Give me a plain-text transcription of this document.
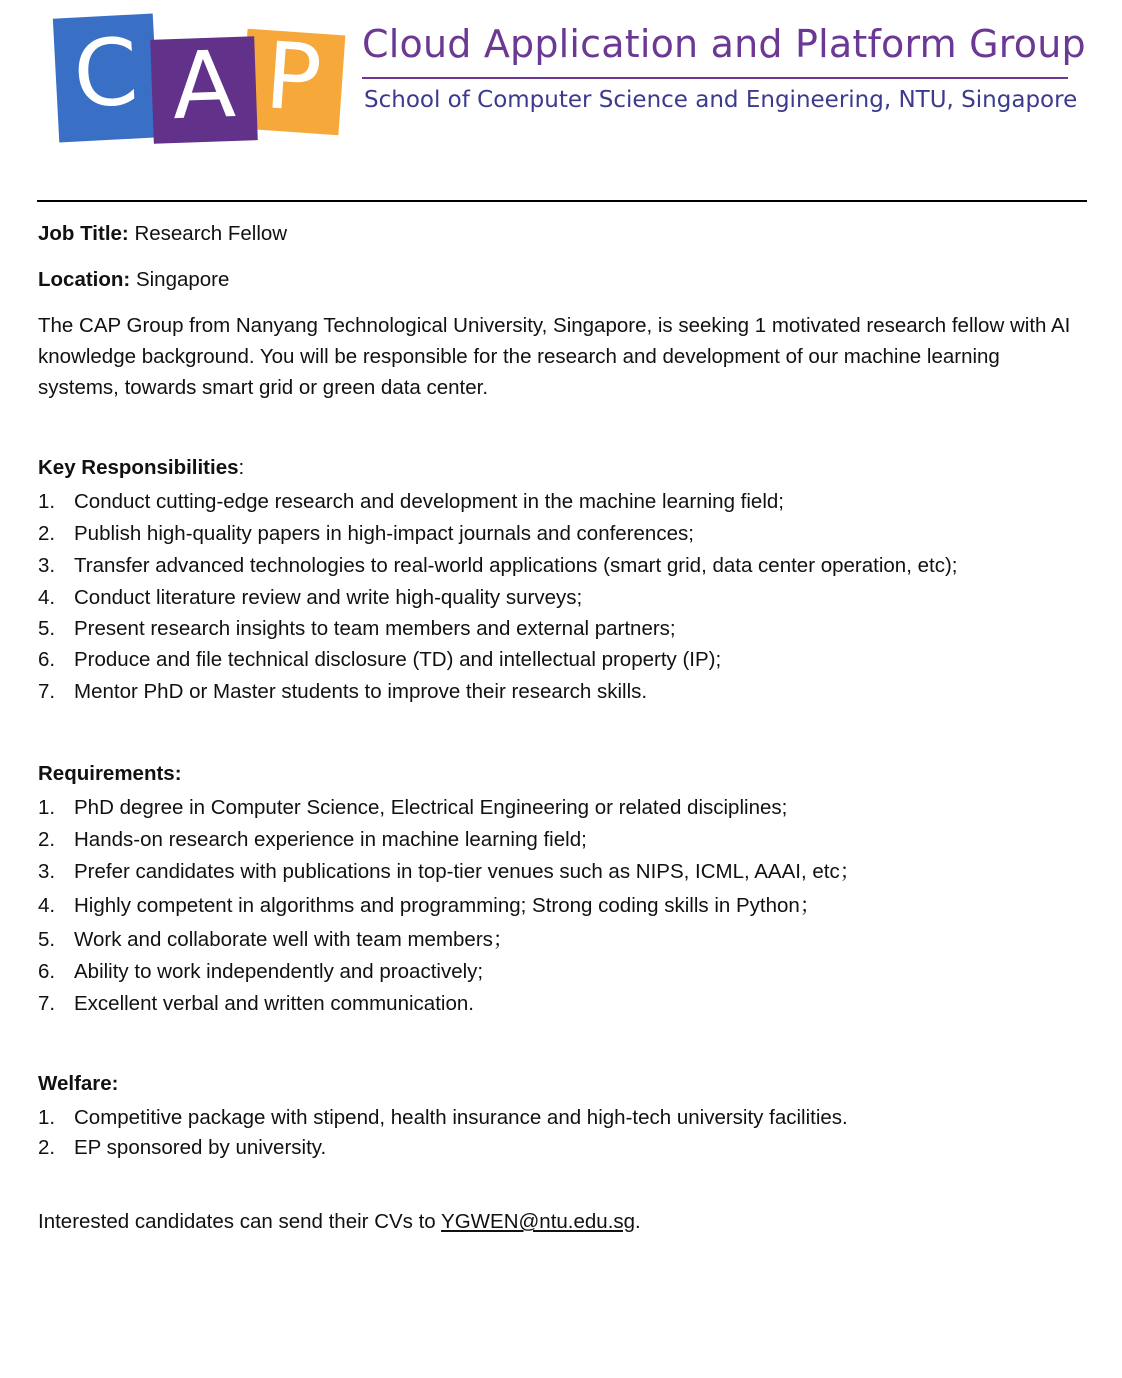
C P
A	Cloud Application and Platform Group
School of Computer Science and Engineering, NTU, Singapore
Job Title: Research Fellow
Location: Singapore
The CAP Group from Nanyang Technological University, Singapore, is seeking 1 motivated research fellow with AI knowledge background. You will be responsible for the research and development of our machine learning systems, towards smart grid or green data center.
Key Responsibilities:
1. Conduct cutting-edge research and development in the machine learning field;
2. Publish high-quality papers in high-impact journals and conferences;
3. Transfer advanced technologies to real-world applications (smart grid, data center operation, etc);
4. Conduct literature review and write high-quality surveys;
5. Present research insights to team members and external partners;
6. Produce and file technical disclosure (TD) and intellectual property (IP);
7. Mentor PhD or Master students to improve their research skills.
Requirements:
1. PhD degree in Computer Science, Electrical Engineering or related disciplines;
2. Hands-on research experience in machine learning field;
3. Prefer candidates with publications in top-tier venues such as NIPS, ICML, AAAI, etc；
4. Highly competent in algorithms and programming; Strong coding skills in Python；
5. Work and collaborate well with team members；
6. Ability to work independently and proactively;
7. Excellent verbal and written communication.
Welfare:
1. Competitive package with stipend, health insurance and high-tech university facilities.
2. EP sponsored by university.
Interested candidates can send their CVs to YGWEN@ntu.edu.sg.
